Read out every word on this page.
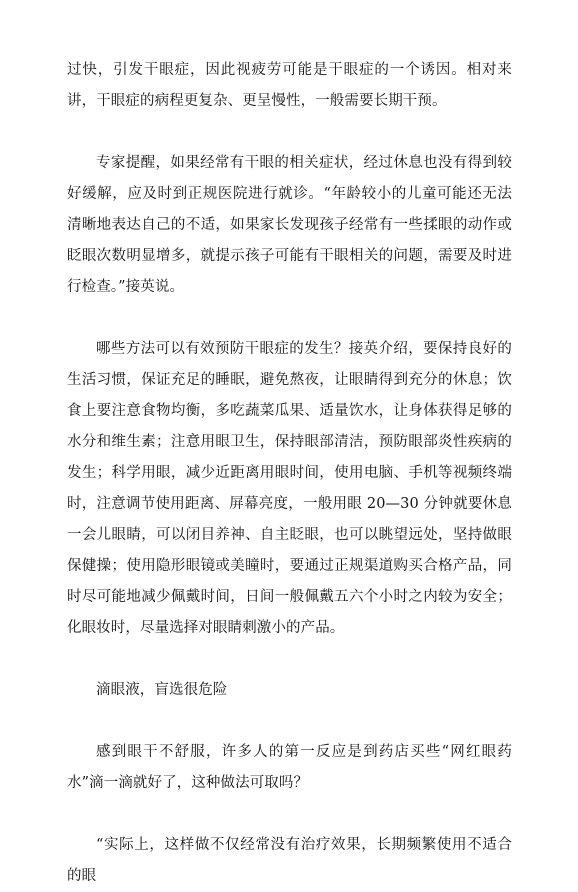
过快，引发干眼症，因此视疲劳可能是干眼症的一个诱因。相对来讲，干眼症的病程更复杂、更呈慢性，一般需要长期干预。

专家提醒，如果经常有干眼的相关症状，经过休息也没有得到较好缓解，应及时到正规医院进行就诊。“年龄较小的儿童可能还无法清晰地表达自己的不适，如果家长发现孩子经常有一些揉眼的动作或眨眼次数明显增多，就提示孩子可能有干眼相关的问题，需要及时进行检查。”接英说。

哪些方法可以有效预防干眼症的发生？接英介绍，要保持良好的生活习惯，保证充足的睡眠，避免熬夜，让眼睛得到充分的休息；饮食上要注意食物均衡，多吃蔬菜瓜果、适量饮水，让身体获得足够的水分和维生素；注意用眼卫生，保持眼部清洁，预防眼部炎性疾病的发生；科学用眼，减少近距离用眼时间，使用电脑、手机等视频终端时，注意调节使用距离、屏幕亮度，一般用眼 20—30 分钟就要休息一会儿眼睛，可以闭目养神、自主眨眼，也可以眺望远处，坚持做眼保健操；使用隐形眼镜或美瞳时，要通过正规渠道购买合格产品，同时尽可能地减少佩戴时间，日间一般佩戴五六个小时之内较为安全；化眼妆时，尽量选择对眼睛刺激小的产品。

滴眼液，盲选很危险

感到眼干不舒服，许多人的第一反应是到药店买些“网红眼药水”滴一滴就好了，这种做法可取吗？

“实际上，这样做不仅经常没有治疗效果，长期频繁使用不适合的眼
